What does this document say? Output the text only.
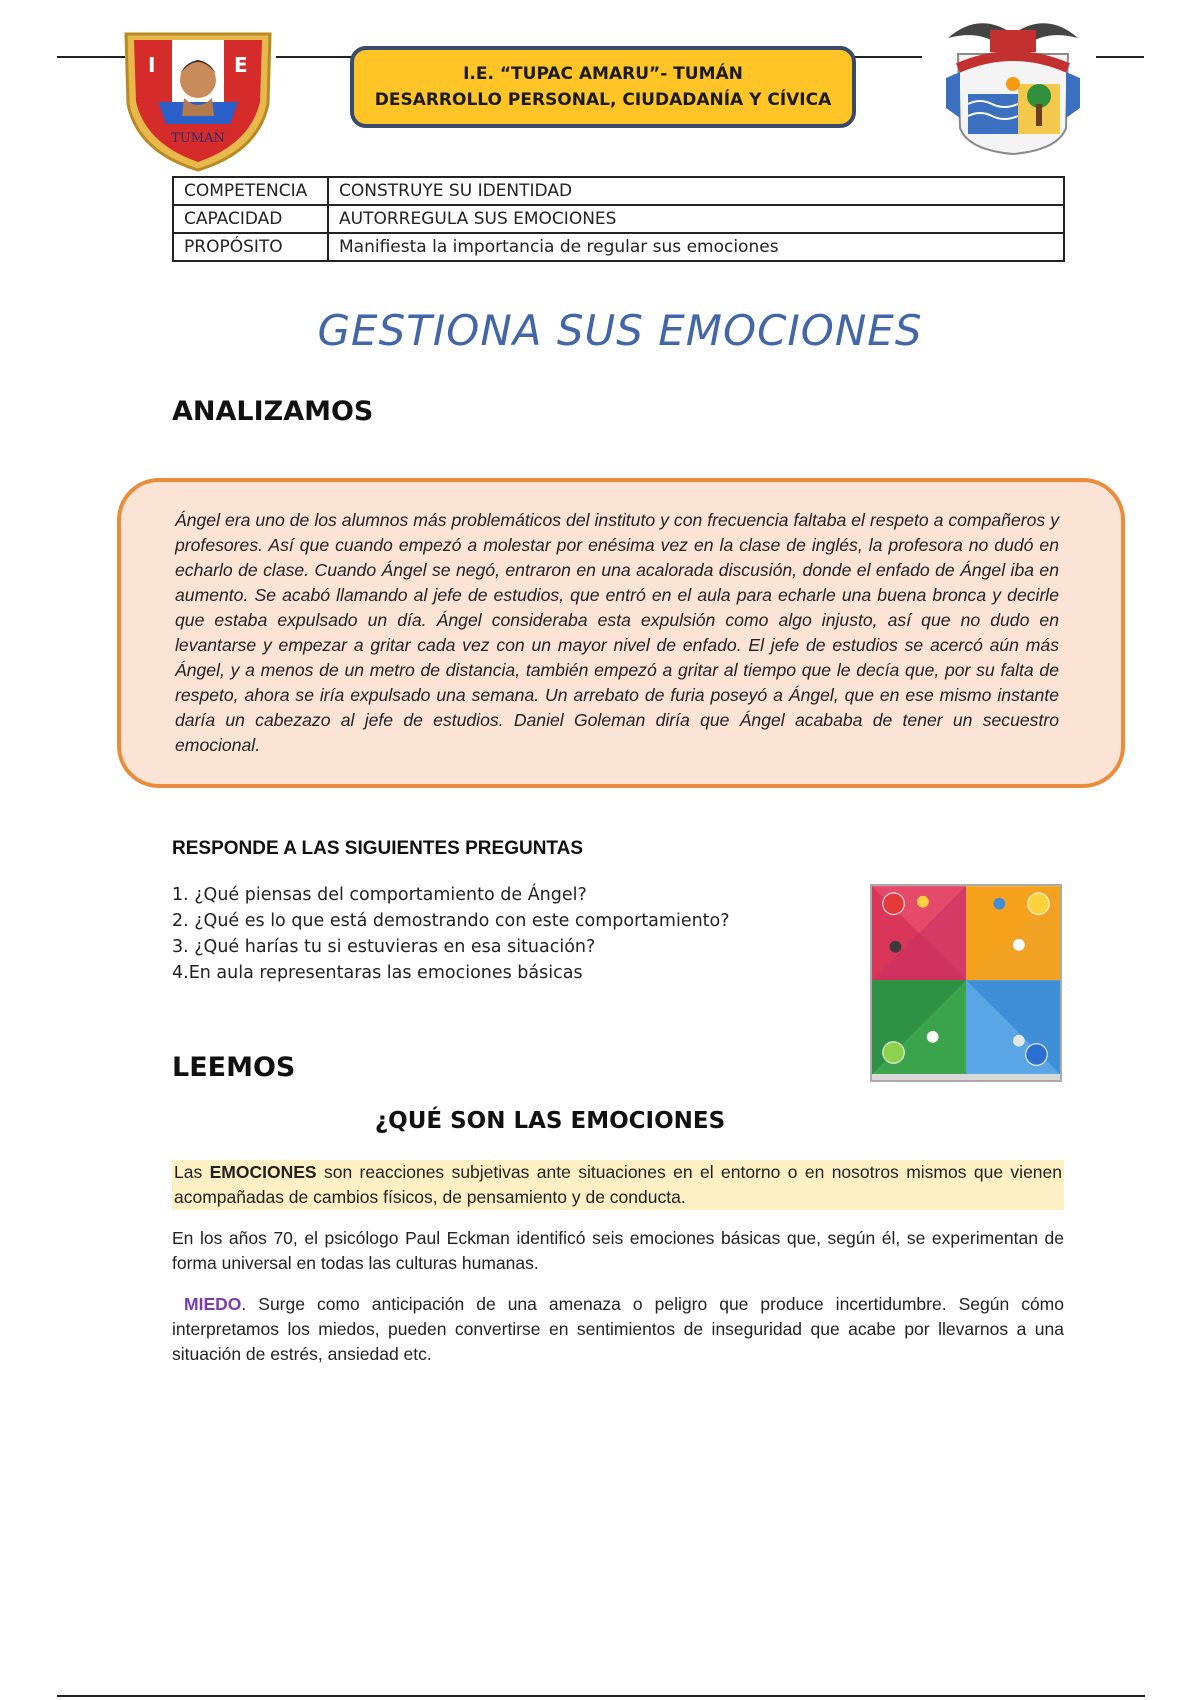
I	E
TUMAN
I.E. “TUPAC AMARU”- TUMÁN
DESARROLLO PERSONAL, CIUDADANÍA Y CÍVICA
COMPETENCIA	CONSTRUYE SU IDENTIDAD
CAPACIDAD	AUTORREGULA SUS EMOCIONES
PROPÓSITO	Manifiesta la importancia de regular sus emociones
GESTIONA SUS EMOCIONES
ANALIZAMOS

Ángel era uno de los alumnos más problemáticos del instituto y con frecuencia faltaba el respeto a compañeros y profesores. Así que cuando empezó a molestar por enésima vez en la clase de inglés, la profesora no dudó en echarlo de clase. Cuando Ángel se negó, entraron en una acalorada discusión, donde el enfado de Ángel iba en aumento. Se acabó llamando al jefe de estudios, que entró en el aula para echarle una buena bronca y decirle que estaba expulsado un día. Ángel consideraba esta expulsión como algo injusto, así que no dudo en levantarse y empezar a gritar cada vez con un mayor nivel de enfado. El jefe de estudios se acercó aún más Ángel, y a menos de un metro de distancia, también empezó a gritar al tiempo que le decía que, por su falta de respeto, ahora se iría expulsado una semana. Un arrebato de furia poseyó a Ángel, que en ese mismo instante daría un cabezazo al jefe de estudios. Daniel Goleman diría que Ángel acababa de tener un secuestro emocional.

RESPONDE A LAS SIGUIENTES PREGUNTAS
1. ¿Qué piensas del comportamiento de Ángel?
2. ¿Qué es lo que está demostrando con este comportamiento?
3. ¿Qué harías tu si estuvieras en esa situación?
4.En aula representaras las emociones básicas
LEEMOS
¿QUÉ SON LAS EMOCIONES

Las EMOCIONES son reacciones subjetivas ante situaciones en el entorno o en nosotros mismos que vienen acompañadas de cambios físicos, de pensamiento y de conducta.

En los años 70, el psicólogo Paul Eckman identificó seis emociones básicas que, según él, se experimentan de forma universal en todas las culturas humanas.

MIEDO. Surge como anticipación de una amenaza o peligro que produce incertidumbre. Según cómo interpretamos los miedos, pueden convertirse en sentimientos de inseguridad que acabe por llevarnos a una situación de estrés, ansiedad etc.
